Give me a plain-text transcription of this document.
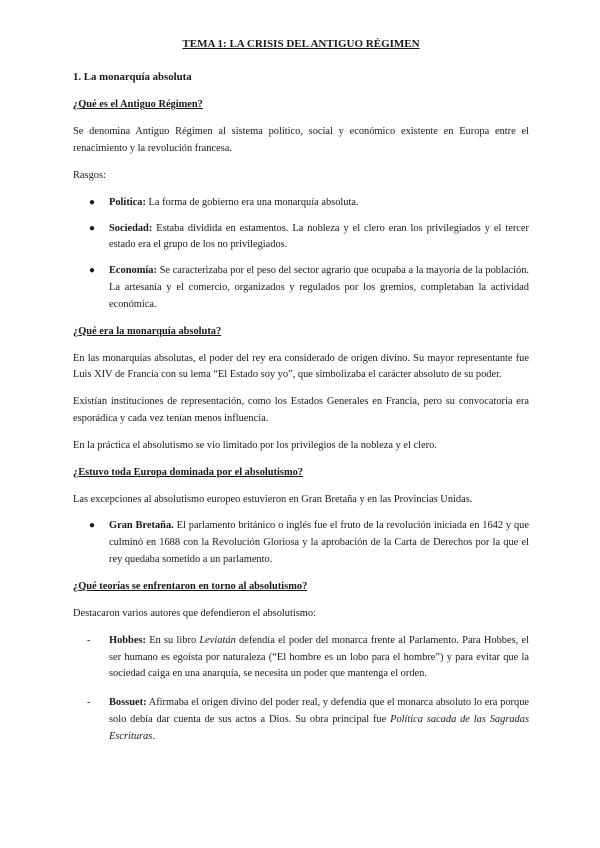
TEMA 1: LA CRISIS DEL ANTIGUO RÉGIMEN
1. La monarquía absoluta
¿Qué es el Antiguo Régimen?

Se denomina Antiguo Régimen al sistema político, social y económico existente en Europa entre el renacimiento y la revolución francesa.

Rasgos:

● Política: La forma de gobierno era una monarquía absoluta.
● Sociedad: Estaba dividida en estamentos. La nobleza y el clero eran los privilegiados y el tercer estado era el grupo de los no privilegiados.
● Economía: Se caracterizaba por el peso del sector agrario que ocupaba a la mayoría de la población. La artesanía y el comercio, organizados y regulados por los gremios, completaban la actividad económica.
¿Qué era la monarquía absoluta?

En las monarquías absolutas, el poder del rey era considerado de origen divino. Su mayor representante fue Luis XIV de Francia con su lema “El Estado soy yo”, que simbolizaba el carácter absoluto de su poder.

Existían instituciones de representación, como los Estados Generales en Francia, pero su convocatoria era esporádica y cada vez tenían menos influencia.

En la práctica el absolutismo se vio limitado por los privilegios de la nobleza y el clero.

¿Estuvo toda Europa dominada por el absolutismo?

Las excepciones al absolutismo europeo estuvieron en Gran Bretaña y en las Provincias Unidas.

● Gran Bretaña. El parlamento británico o inglés fue el fruto de la revolución iniciada en 1642 y que culminó en 1688 con la Revolución Gloriosa y la aprobación de la Carta de Derechos por la que el rey quedaba sometido a un parlamento.
¿Qué teorías se enfrentaron en torno al absolutismo?

Destacaron varios autores que defendieron el absolutismo:

- Hobbes: En su libro Leviatán defendía el poder del monarca frente al Parlamento. Para Hobbes, el ser humano es egoísta por naturaleza (“El hombre es un lobo para el hombre”) y para evitar que la sociedad caiga en una anarquía, se necesita un poder que mantenga el orden.
- Bossuet: Afirmaba el origen divino del poder real, y defendía que el monarca absoluto lo era porque solo debía dar cuenta de sus actos a Dios. Su obra principal fue Política sacada de las Sagradas Escrituras.
